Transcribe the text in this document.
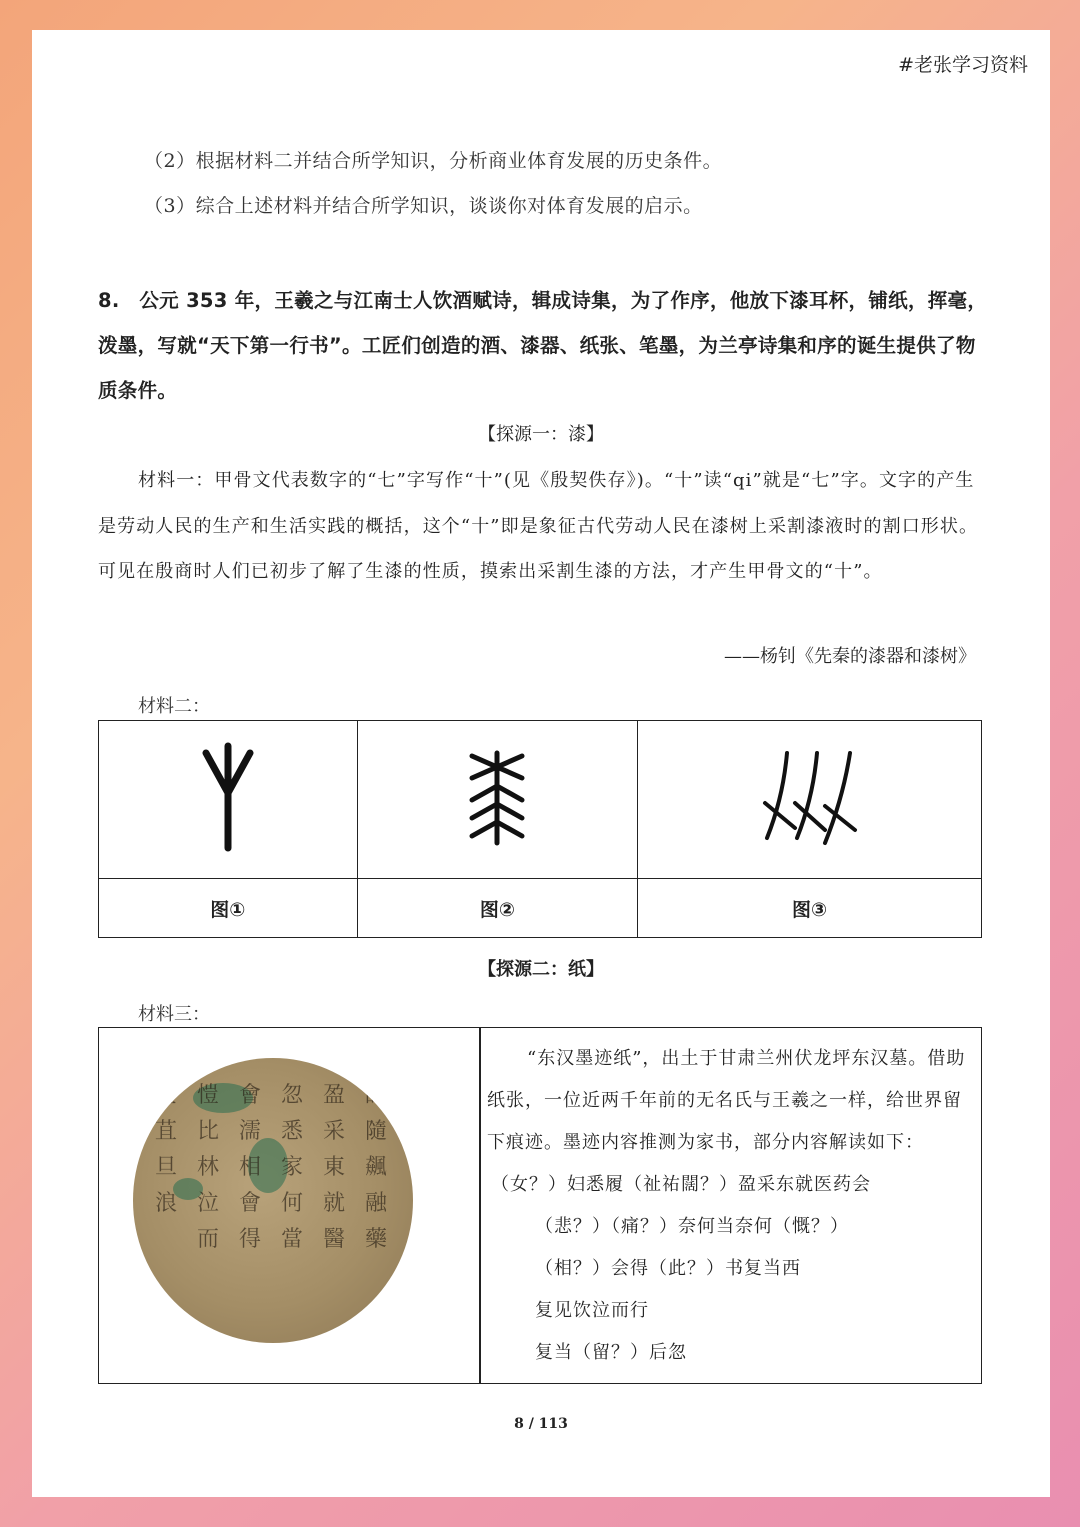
#老张学习资料
（2）根据材料二并结合所学知识，分析商业体育发展的历史条件。
（3）综合上述材料并结合所学知识，谈谈你对体育发展的启示。
8.　公元 353 年，王羲之与江南士人饮酒赋诗，辑成诗集，为了作序，他放下漆耳杯，铺纸，挥毫，泼墨，写就“天下第一行书”。工匠们创造的酒、漆器、纸张、笔墨，为兰亭诗集和序的诞生提供了物质条件。
【探源一：漆】
材料一：甲骨文代表数字的“七”字写作“十”(见《殷契佚存》)。“十”读“qi”就是“七”字。文字的产生是劳动人民的生产和生活实践的概括，这个“十”即是象征古代劳动人民在漆树上采割漆液时的割口形状。可见在殷商时人们已初步了解了生漆的性质，摸索出采割生漆的方法，才产生甲骨文的“十”。
——杨钊《先秦的漆器和漆树》
材料二：

图①	图②	图③
【探源二：纸】
材料三：
壹
苴
旦
浪
愷
比
林
泣
而
會
濡
相
會
得
忽
悉
家
何
當
盈
采
東
就
醫
師
隨
飆
融
藥
“东汉墨迹纸”，出土于甘肃兰州伏龙坪东汉墓。借助纸张，一位近两千年前的无名氏与王羲之一样，给世界留下痕迹。墨迹内容推测为家书，部分内容解读如下：
（女？）妇悉履（祉祐闊？）盈采东就医药会
（悲？）（痛？）奈何当奈何（慨？）
（相？）会得（此？）书复当西
复见饮泣而行
复当（留？）后忽
8 / 113
